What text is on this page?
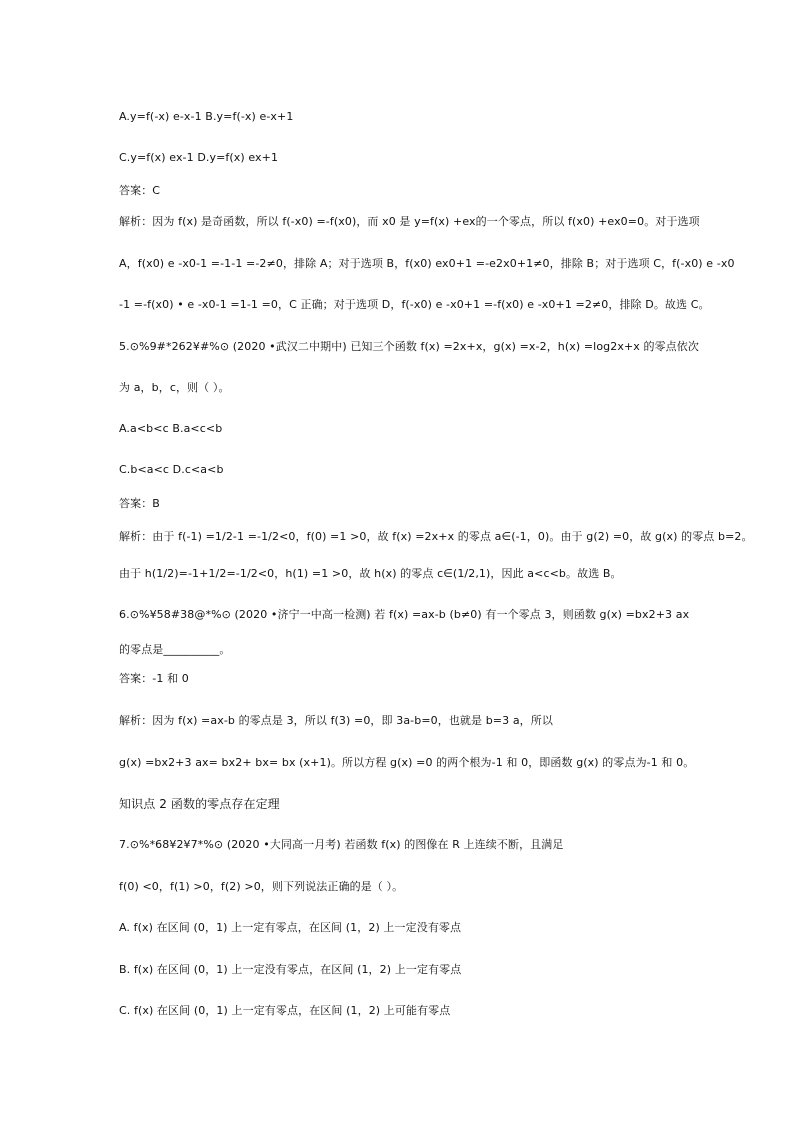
A.y=f(-x) e-x-1 B.y=f(-x) e-x+1
C.y=f(x) ex-1 D.y=f(x) ex+1
答案：C
解析：因为 f(x) 是奇函数，所以 f(-x0) =-f(x0)，而 x0 是 y=f(x) +ex的一个零点，所以 f(x0) +ex0=0。对于选项
A，f(x0) e -x0-1 =-1-1 =-2≠0，排除 A；对于选项 B，f(x0) ex0+1 =-e2x0+1≠0，排除 B；对于选项 C，f(-x0) e -x0
-1 =-f(x0) • e -x0-1 =1-1 =0，C 正确；对于选项 D，f(-x0) e -x0+1 =-f(x0) e -x0+1 =2≠0，排除 D。故选 C。
5.⊙%9#*262¥#%⊙ (2020 •武汉二中期中) 已知三个函数 f(x) =2x+x，g(x) =x-2，h(x) =log2x+x 的零点依次
为 a，b，c，则（ ）。
A.a<b<c B.a<c<b
C.b<a<c D.c<a<b
答案：B
解析：由于 f(-1) =1/2-1 =-1/2<0，f(0) =1 >0，故 f(x) =2x+x 的零点 a∈(-1，0)。由于 g(2) =0，故 g(x) 的零点 b=2。
由于 h(1/2)=-1+1/2=-1/2<0，h(1) =1 >0，故 h(x) 的零点 c∈(1/2,1)，因此 a<c<b。故选 B。
6.⊙%¥58#38@*%⊙ (2020 •济宁一中高一检测) 若 f(x) =ax-b (b≠0) 有一个零点 3，则函数 g(x) =bx2+3 ax
的零点是__________。
答案：-1 和 0
解析：因为 f(x) =ax-b 的零点是 3，所以 f(3) =0，即 3a-b=0，也就是 b=3 a，所以
g(x) =bx2+3 ax= bx2+ bx= bx (x+1)。所以方程 g(x) =0 的两个根为-1 和 0，即函数 g(x) 的零点为-1 和 0。
知识点 2 函数的零点存在定理
7.⊙%*68¥2¥7*%⊙ (2020 •大同高一月考) 若函数 f(x) 的图像在 R 上连续不断，且满足
f(0) <0，f(1) >0，f(2) >0，则下列说法正确的是（ ）。
A. f(x) 在区间 (0，1) 上一定有零点，在区间 (1，2) 上一定没有零点
B. f(x) 在区间 (0，1) 上一定没有零点，在区间 (1，2) 上一定有零点
C. f(x) 在区间 (0，1) 上一定有零点，在区间 (1，2) 上可能有零点
